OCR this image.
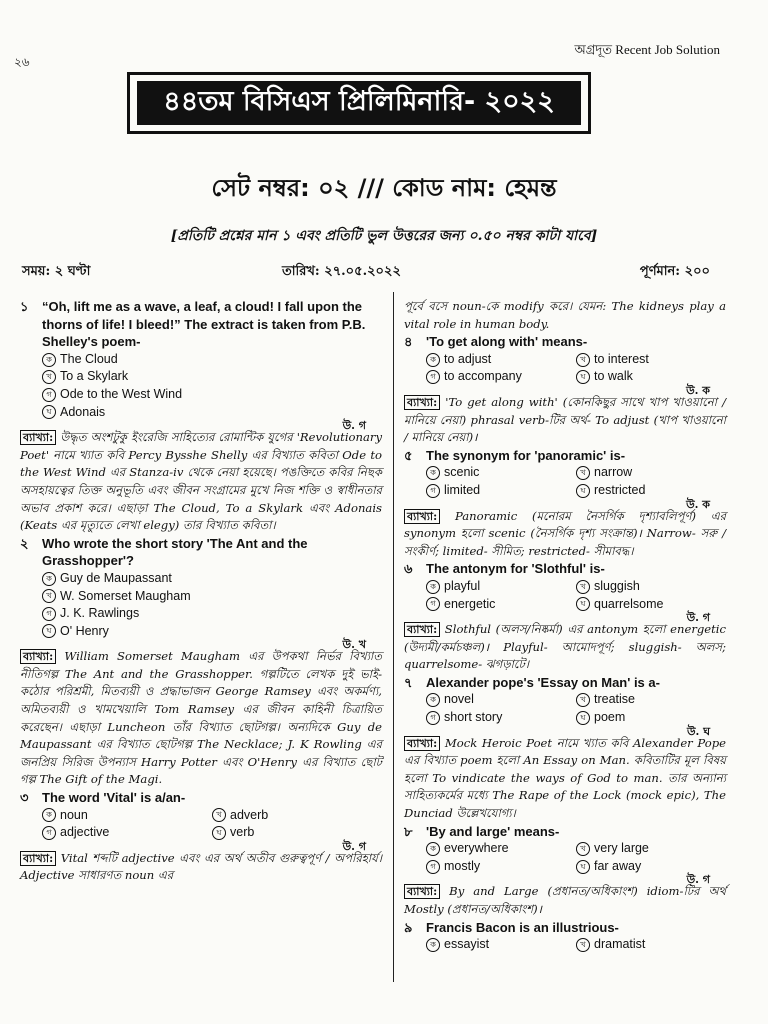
২৬
অগ্রদূত Recent Job Solution
৪৪তম বিসিএস প্রিলিমিনারি- ২০২২
সেট নম্বর: ০২ /// কোড নাম: হেমন্ত
[প্রতিটি প্রশ্নের মান ১ এবং প্রতিটি ভুল উত্তরের জন্য ০.৫০ নম্বর কাটা যাবে]
সময়: ২ ঘণ্টা	তারিখ: ২৭.০৫.২০২২	পূর্ণমান: ২০০
১	“Oh, lift me as a wave, a leaf, a cloud! I fall upon the thorns of life! I bleed!” The extract is taken from P.B. Shelley's poem-
ক The Cloud
খ To a Skylark
গ Ode to the West Wind
ঘ Adonais
উ. গ
ব্যাখ্যা: উদ্ধৃত অংশটুকু ইংরেজি সাহিত্যের রোমান্টিক যুগের 'Revolutionary Poet' নামে খ্যাত কবি Percy Bysshe Shelly এর বিখ্যাত কবিতা Ode to the West Wind এর Stanza-iv থেকে নেয়া হয়েছে। পঙক্তিতে কবির নিছক অসহায়ত্বের তিক্ত অনুভূতি এবং জীবন সংগ্রামের মুখে নিজ শক্তি ও স্বাধীনতার অভাব প্রকাশ করে। এছাড়া The Cloud, To a Skylark এবং Adonais (Keats এর মৃত্যুতে লেখা elegy) তার বিখ্যাত কবিতা।
২	Who wrote the short story 'The Ant and the Grasshopper'?
ক Guy de Maupassant
খ W. Somerset Maugham
গ J. K. Rawlings
ঘ O' Henry
উ. খ
ব্যাখ্যা: William Somerset Maugham এর উপকথা নির্ভর বিখ্যাত নীতিগল্প The Ant and the Grasshopper. গল্পটিতে লেখক দুই ভাই- কঠোর পরিশ্রমী, মিতব্যয়ী ও প্রদ্ধাভাজন George Ramsey এবং অকর্মণ্য, অমিতব্যয়ী ও খামখেয়ালি Tom Ramsey এর জীবন কাহিনী চিত্রায়িত করেছেন। এছাড়া Luncheon তাঁর বিখ্যাত ছোটগল্প। অন্যদিকে Guy de Maupassant এর বিখ্যাত ছোটগল্প The Necklace; J. K Rowling এর জনপ্রিয় সিরিজ উপন্যাস Harry Potter এবং O'Henry এর বিখ্যাত ছোট গল্প The Gift of the Magi.
৩	The word 'Vital' is a/an-
ক noun	খ adverb
গ adjective	ঘ verb
উ. গ
ব্যাখ্যা: Vital শব্দটি adjective এবং এর অর্থ অতীব গুরুত্বপূর্ণ / অপরিহার্য। Adjective সাধারণত noun এর
পূর্বে বসে noun-কে modify করে। যেমন: The kidneys play a vital role in human body.
৪	'To get along with' means-
ক to adjust	খ to interest
গ to accompany	ঘ to walk
উ. ক
ব্যাখ্যা: 'To get along with' (কোনকিছুর সাথে খাপ খাওয়ানো / মানিয়ে নেয়া) phrasal verb-টির অর্থ- To adjust (খাপ খাওয়ানো / মানিয়ে নেয়া)।
৫	The synonym for 'panoramic' is-
ক scenic	খ narrow
গ limited	ঘ restricted
উ. ক
ব্যাখ্যা: Panoramic (মনোরম নৈসর্গিক দৃশ্যাবলিপূর্ণ) এর synonym হলো scenic (নৈসর্গিক দৃশ্য সংক্রান্ত)। Narrow- সরু / সংকীর্ণ; limited- সীমিত; restricted- সীমাবদ্ধ।
৬	The antonym for 'Slothful' is-
ক playful	খ sluggish
গ energetic	ঘ quarrelsome
উ. গ
ব্যাখ্যা: Slothful (অলস/নিষ্কর্মা) এর antonym হলো energetic (উদ্যমী/কর্মচঞ্চল)। Playful- আমোদপূর্ণ; sluggish- অলস; quarrelsome- ঝগড়াটে।
৭	Alexander pope's 'Essay on Man' is a-
ক novel	খ treatise
গ short story	ঘ poem
উ. ঘ
ব্যাখ্যা: Mock Heroic Poet নামে খ্যাত কবি Alexander Pope এর বিখ্যাত poem হলো An Essay on Man. কবিতাটির মূল বিষয় হলো To vindicate the ways of God to man. তার অন্যান্য সাহিত্যকর্মের মধ্যে The Rape of the Lock (mock epic), The Dunciad উল্লেখযোগ্য।
৮	'By and large' means-
ক everywhere	খ very large
গ mostly	ঘ far away
উ. গ
ব্যাখ্যা: By and Large (প্রধানত/অধিকাংশ) idiom-টির অর্থ Mostly (প্রধানত/অধিকাংশ)।
৯	Francis Bacon is an illustrious-
ক essayist	খ dramatist
